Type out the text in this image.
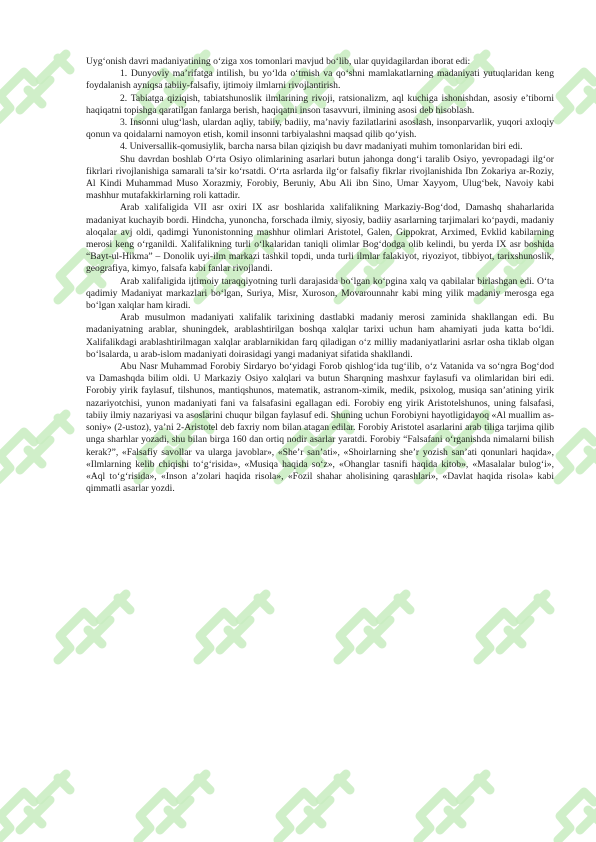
Uyg‘onish davri madaniyatining o‘ziga xos tomonlari mavjud bo‘lib, ular quyidagilardan iborat edi:

1. Dunyoviy ma’rifatga intilish, bu yo‘lda o‘tmish va qo‘shni mamlakatlarning madaniyati yutuqlaridan keng foydalanish ayniqsa tabiiy-falsafiy, ijtimoiy ilmlarni rivojlantirish.

2. Tabiatga qiziqish, tabiatshunoslik ilmlarining rivoji, ratsionalizm, aql kuchiga ishonishdan, asosiy e’tiborni haqiqatni topishga qaratilgan fanlarga berish, haqiqatni inson tasavvuri, ilmining asosi deb hisoblash.

3. Insonni ulug‘lash, ulardan aqliy, tabiiy, badiiy, ma’naviy fazilatlarini asoslash, insonparvarlik, yuqori axloqiy qonun va qoidalarni namoyon etish, komil insonni tarbiyalashni maqsad qilib qo‘yish.

4. Universallik-qomusiylik, barcha narsa bilan qiziqish bu davr madaniyati muhim tomonlaridan biri edi.

Shu davrdan boshlab O‘rta Osiyo olimlarining asarlari butun jahonga dong‘i taralib Osiyo, yevropadagi ilg‘or fikrlari rivojlanishiga samarali ta’sir ko‘rsatdi. O‘rta asrlarda ilg‘or falsafiy fikrlar rivojlanishida Ibn Zokariya ar-Roziy, Al Kindi Muhammad Muso Xorazmiy, Forobiy, Beruniy, Abu Ali ibn Sino, Umar Xayyom, Ulug‘bek, Navoiy kabi mashhur mutafakkirlarning roli kattadir.

Arab xalifaligida VII asr oxiri IX asr boshlarida xalifalikning Markaziy-Bog‘dod, Damashq shaharlarida madaniyat kuchayib bordi. Hindcha, yunoncha, forschada ilmiy, siyosiy, badiiy asarlarning tarjimalari ko‘paydi, madaniy aloqalar avj oldi, qadimgi Yunonistonning mashhur olimlari Aristotel, Galen, Gippokrat, Arximed, Evklid kabilarning merosi keng o‘rganildi. Xalifalikning turli o‘lkalaridan taniqli olimlar Bog‘dodga olib kelindi, bu yerda IX asr boshida “Bayt-ul-Hikma” – Donolik uyi-ilm markazi tashkil topdi, unda turli ilmlar falakiyot, riyoziyot, tibbiyot, tarixshunoslik, geografiya, kimyo, falsafa kabi fanlar rivojlandi.

Arab xalifaligida ijtimoiy taraqqiyotning turli darajasida bo‘lgan ko‘pgina xalq va qabilalar birlashgan edi. O‘ta qadimiy Madaniyat markazlari bo‘lgan, Suriya, Misr, Xuroson, Movarounnahr kabi ming yilik madaniy merosga ega bo‘lgan xalqlar ham kiradi.

Arab musulmon madaniyati xalifalik tarixining dastlabki madaniy merosi zaminida shakllangan edi. Bu madaniyatning arablar, shuningdek, arablashtirilgan boshqa xalqlar tarixi uchun ham ahamiyati juda katta bo‘ldi. Xalifalikdagi arablashtirilmagan xalqlar arablarnikidan farq qiladigan o‘z milliy madaniyatlarini asrlar osha tiklab olgan bo‘lsalarda, u arab-islom madaniyati doirasidagi yangi madaniyat sifatida shakllandi.

Abu Nasr Muhammad Forobiy Sirdaryo bo‘yidagi Forob qishlog‘ida tug‘ilib, o‘z Vatanida va so‘ngra Bog‘dod va Damashqda bilim oldi. U Markaziy Osiyo xalqlari va butun Sharqning mashxur faylasufi va olimlaridan biri edi. Forobiy yirik faylasuf, tilshunos, mantiqshunos, matematik, astranom-ximik, medik, psixolog, musiqa san’atining yirik nazariyotchisi, yunon madaniyati fani va falsafasini egallagan edi. Forobiy eng yirik Aristotelshunos, uning falsafasi, tabiiy ilmiy nazariyasi va asoslarini chuqur bilgan faylasuf edi. Shuning uchun Forobiyni hayotligidayoq «Al muallim as-soniy» (2-ustoz), ya’ni 2-Aristotel deb faxriy nom bilan atagan edilar. Forobiy Aristotel asarlarini arab tiliga tarjima qilib unga sharhlar yozadi, shu bilan birga 160 dan ortiq nodir asarlar yaratdi. Forobiy “Falsafani o‘rganishda nimalarni bilish kerak?”, «Falsafiy savollar va ularga javoblar», «She’r san’ati», «Shoirlarning she’r yozish san’ati qonunlari haqida», «Ilmlarning kelib chiqishi to‘g‘risida», «Musiqa haqida so‘z», «Ohanglar tasnifi haqida kitob», «Masalalar bulog‘i», «Aql to‘g‘risida», «Inson a’zolari haqida risola», «Fozil shahar aholisining qarashlari», «Davlat haqida risola» kabi qimmatli asarlar yozdi.
